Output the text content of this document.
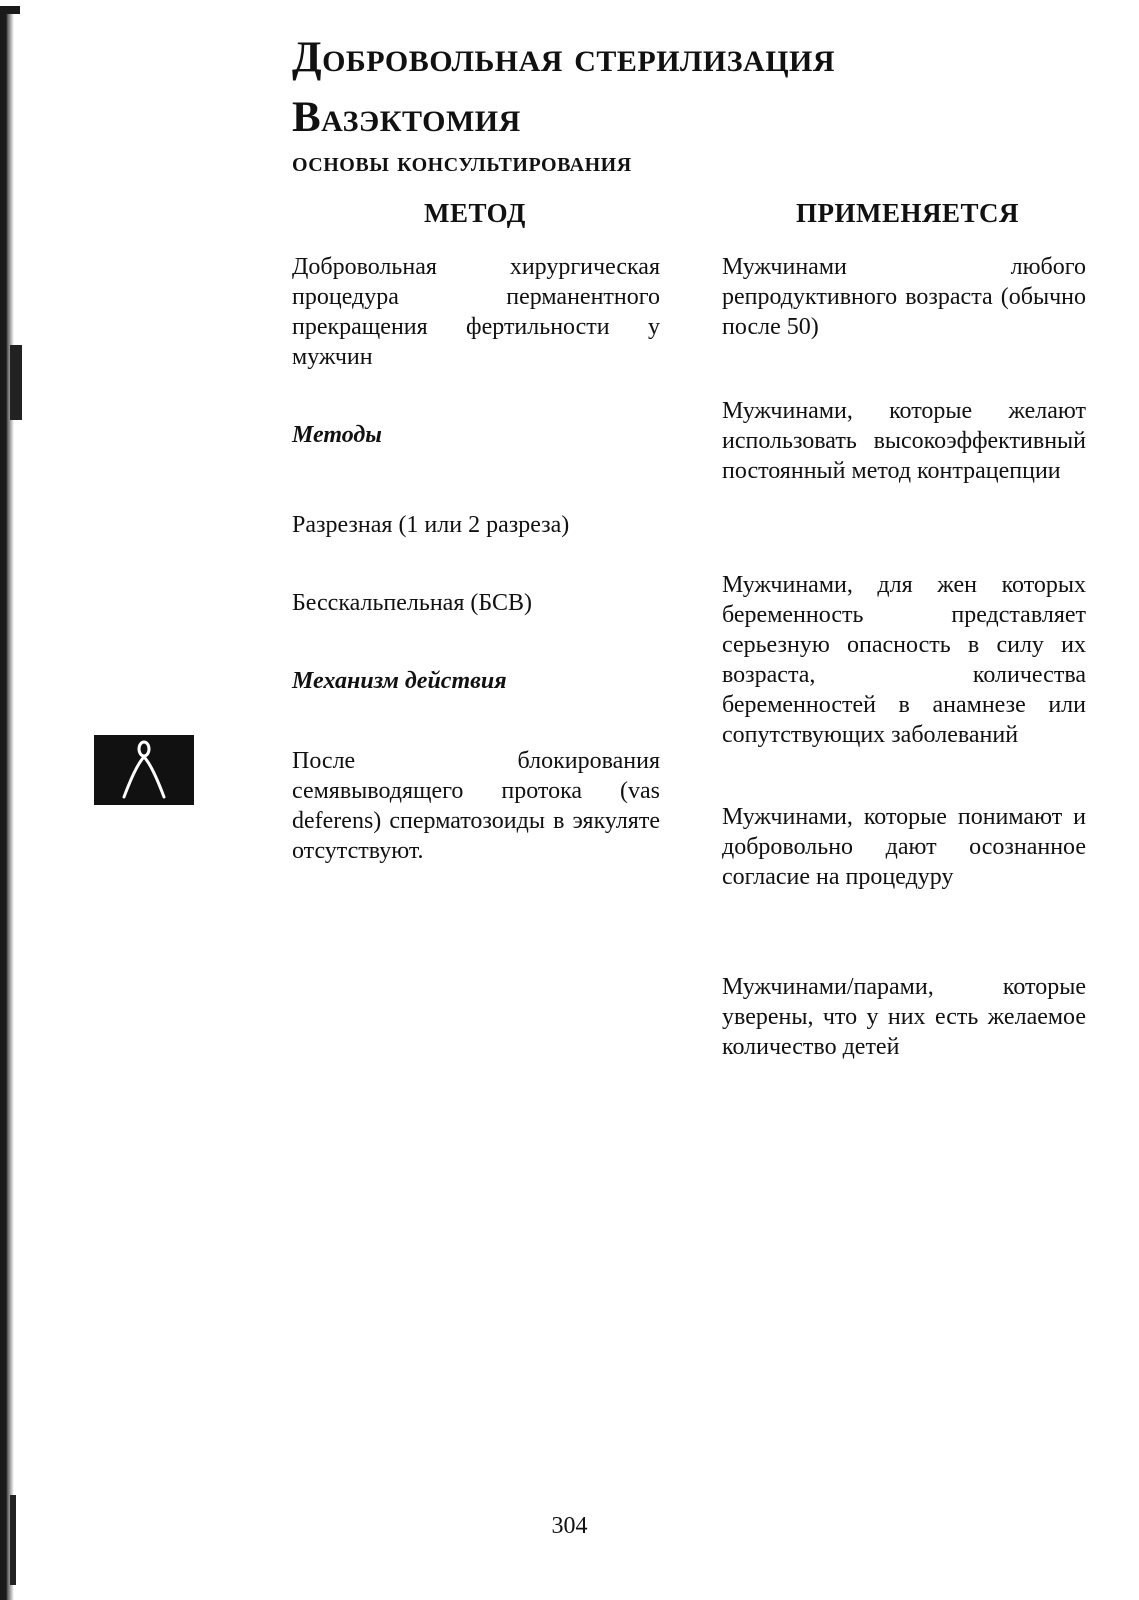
Добровольная стерилизация
Вазэктомия
основы консультирования
МЕТОД	ПРИМЕНЯЕТСЯ
Добровольная хирургическая процедура перманентного прекращения фертильности у мужчин
Методы
Разрезная (1 или 2 разреза)
Бесскальпельная (БСВ)
Механизм действия
После блокирования семявыводящего протока (vas deferens) сперматозоиды в эякуляте отсутствуют.
Мужчинами любого репродуктивного возраста (обычно после 50)
Мужчинами, которые желают использовать высокоэффективный постоянный метод контрацепции
Мужчинами, для жен которых беременность представляет серьезную опасность в силу их возраста, количества беременностей в анамнезе или сопутствующих заболеваний
Мужчинами, которые понимают и добровольно дают осознанное согласие на процедуру
Мужчинами/парами, которые уверены, что у них есть желаемое количество детей
304
